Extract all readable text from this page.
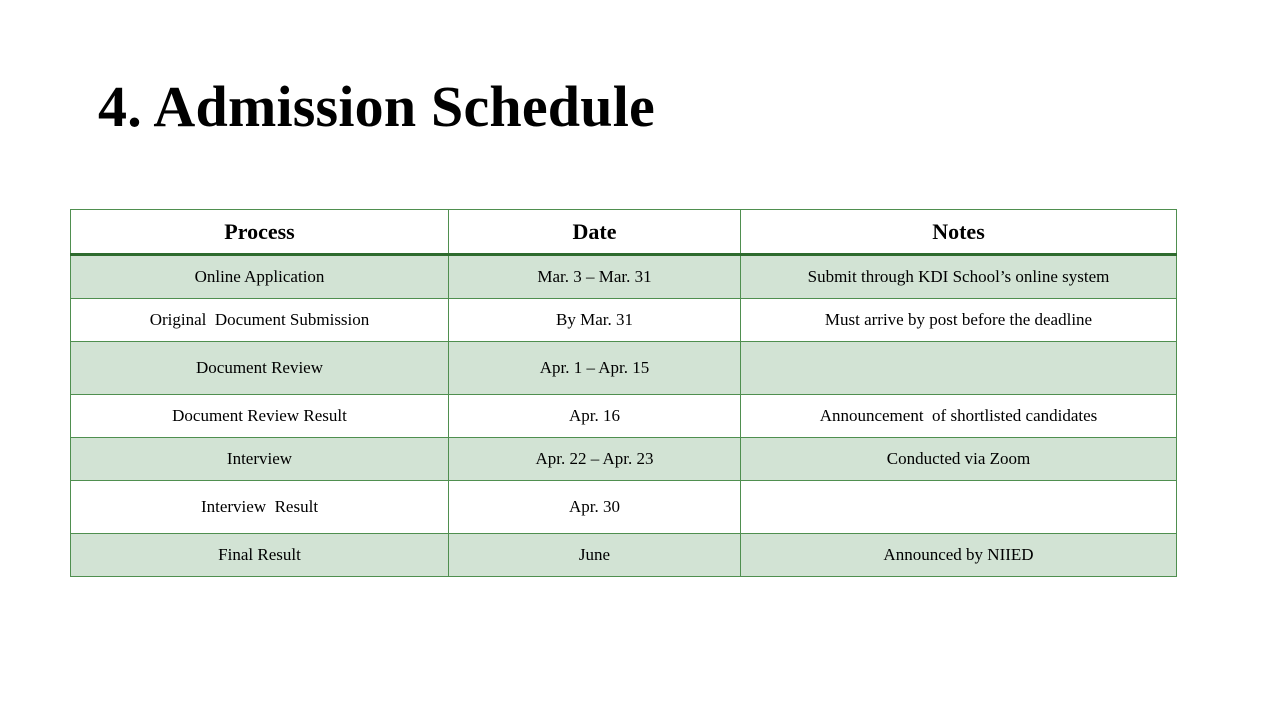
4. Admission Schedule
Process	Date	Notes
Online Application	Mar. 3 – Mar. 31	Submit through KDI School’s online system
Original  Document Submission	By Mar. 31	Must arrive by post before the deadline
Document Review	Apr. 1 – Apr. 15	
Document Review Result	Apr. 16	Announcement  of shortlisted candidates
Interview	Apr. 22 – Apr. 23	Conducted via Zoom
Interview  Result	Apr. 30	
Final Result	June	Announced by NIIED
